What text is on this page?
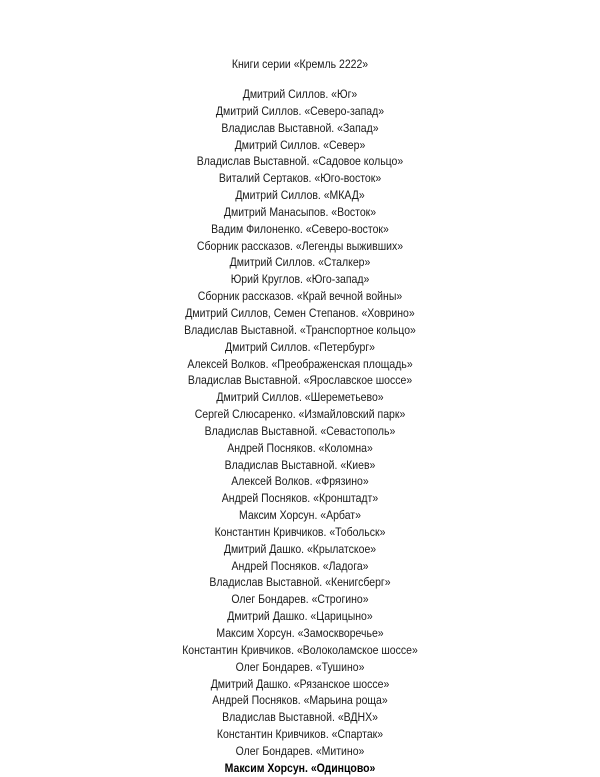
Книги серии «Кремль 2222»
Дмитрий Силлов. «Юг»
Дмитрий Силлов. «Северо-запад»
Владислав Выставной. «Запад»
Дмитрий Силлов. «Север»
Владислав Выставной. «Садовое кольцо»
Виталий Сертаков. «Юго-восток»
Дмитрий Силлов. «МКАД»
Дмитрий Манасыпов. «Восток»
Вадим Филоненко. «Северо-восток»
Сборник рассказов. «Легенды выживших»
Дмитрий Силлов. «Сталкер»
Юрий Круглов. «Юго-запад»
Сборник рассказов. «Край вечной войны»
Дмитрий Силлов, Семен Степанов. «Ховрино»
Владислав Выставной. «Транспортное кольцо»
Дмитрий Силлов. «Петербург»
Алексей Волков. «Преображенская площадь»
Владислав Выставной. «Ярославское шоссе»
Дмитрий Силлов. «Шереметьево»
Сергей Слюсаренко. «Измайловский парк»
Владислав Выставной. «Севастополь»
Андрей Посняков. «Коломна»
Владислав Выставной. «Киев»
Алексей Волков. «Фрязино»
Андрей Посняков. «Кронштадт»
Максим Хорсун. «Арбат»
Константин Кривчиков. «Тобольск»
Дмитрий Дашко. «Крылатское»
Андрей Посняков. «Ладога»
Владислав Выставной. «Кенигсберг»
Олег Бондарев. «Строгино»
Дмитрий Дашко. «Царицыно»
Максим Хорсун. «Замоскворечье»
Константин Кривчиков. «Волоколамское шоссе»
Олег Бондарев. «Тушино»
Дмитрий Дашко. «Рязанское шоссе»
Андрей Посняков. «Марьина роща»
Владислав Выставной. «ВДНХ»
Константин Кривчиков. «Спартак»
Олег Бондарев. «Митино»
Максим Хорсун. «Одинцово»
